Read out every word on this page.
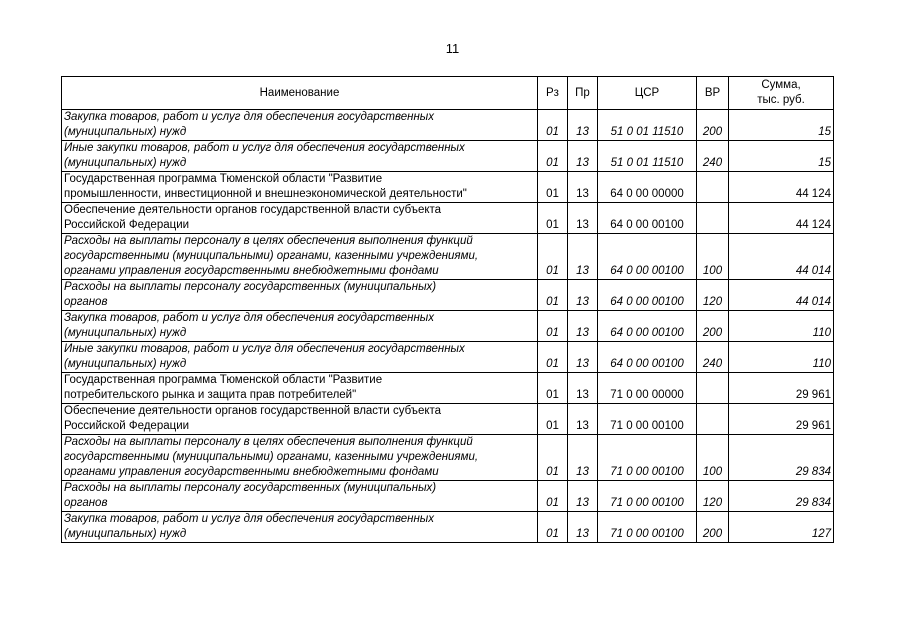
11
Наименование	Рз	Пр	ЦСР	ВР	Сумма,
тыс. руб.

Закупка товаров, работ и услуг для обеспечения государственных
(муниципальных) нужд	01	13	51 0 01 11510	200	15

Иные закупки товаров, работ и услуг для обеспечения государственных
(муниципальных) нужд	01	13	51 0 01 11510	240	15

Государственная программа Тюменской области "Развитие
промышленности, инвестиционной и внешнеэкономической деятельности"	01	13	64 0 00 00000		44 124

Обеспечение деятельности органов государственной власти субъекта
Российской Федерации	01	13	64 0 00 00100		44 124

Расходы на выплаты персоналу в целях обеспечения выполнения функций
государственными (муниципальными) органами, казенными учреждениями,
органами управления государственными внебюджетными фондами	01	13	64 0 00 00100	100	44 014

Расходы на выплаты персоналу государственных (муниципальных)
органов	01	13	64 0 00 00100	120	44 014

Закупка товаров, работ и услуг для обеспечения государственных
(муниципальных) нужд	01	13	64 0 00 00100	200	110

Иные закупки товаров, работ и услуг для обеспечения государственных
(муниципальных) нужд	01	13	64 0 00 00100	240	110

Государственная программа Тюменской области "Развитие
потребительского рынка и защита прав потребителей"	01	13	71 0 00 00000		29 961

Обеспечение деятельности органов государственной власти субъекта
Российской Федерации	01	13	71 0 00 00100		29 961

Расходы на выплаты персоналу в целях обеспечения выполнения функций
государственными (муниципальными) органами, казенными учреждениями,
органами управления государственными внебюджетными фондами	01	13	71 0 00 00100	100	29 834

Расходы на выплаты персоналу государственных (муниципальных)
органов	01	13	71 0 00 00100	120	29 834

Закупка товаров, работ и услуг для обеспечения государственных
(муниципальных) нужд	01	13	71 0 00 00100	200	127
